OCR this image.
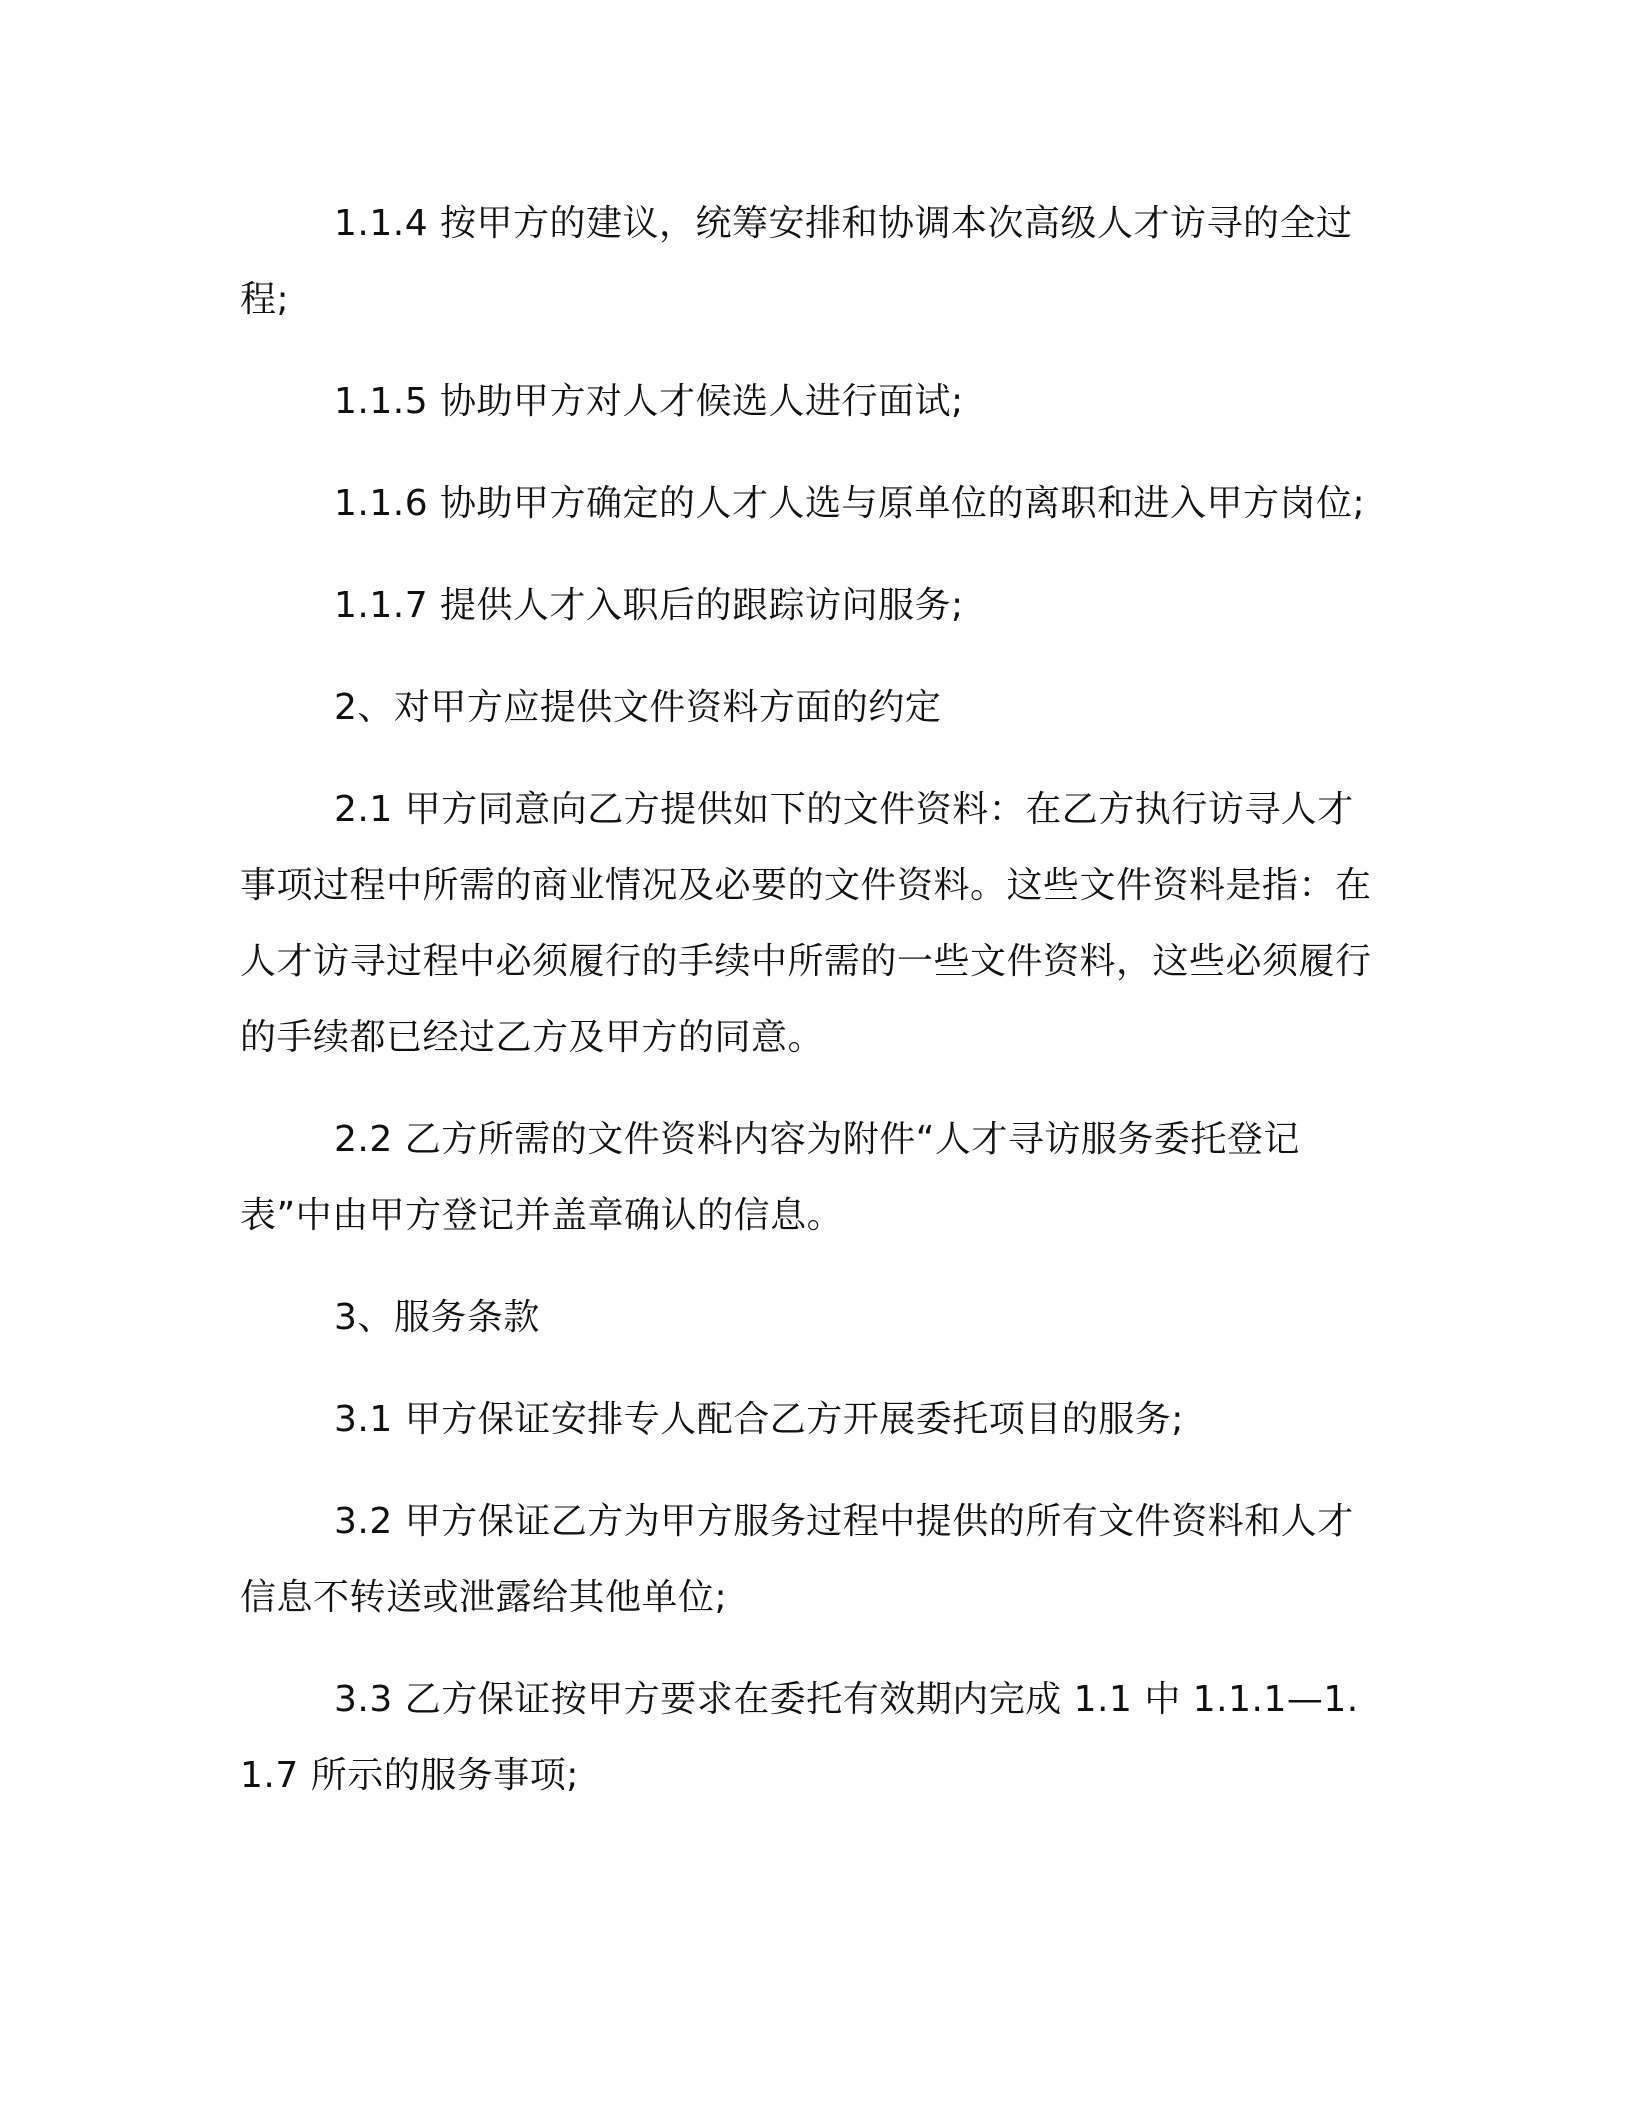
1.1.4 按甲方的建议，统筹安排和协调本次高级人才访寻的全过程;

1.1.5 协助甲方对人才候选人进行面试;

1.1.6 协助甲方确定的人才人选与原单位的离职和进入甲方岗位;

1.1.7 提供人才入职后的跟踪访问服务;

2、对甲方应提供文件资料方面的约定

2.1 甲方同意向乙方提供如下的文件资料：在乙方执行访寻人才事项过程中所需的商业情况及必要的文件资料。这些文件资料是指：在人才访寻过程中必须履行的手续中所需的一些文件资料，这些必须履行的手续都已经过乙方及甲方的同意。

2.2 乙方所需的文件资料内容为附件“人才寻访服务委托登记表”中由甲方登记并盖章确认的信息。

3、服务条款

3.1 甲方保证安排专人配合乙方开展委托项目的服务;

3.2 甲方保证乙方为甲方服务过程中提供的所有文件资料和人才信息不转送或泄露给其他单位;

3.3 乙方保证按甲方要求在委托有效期内完成 1.1 中 1.1.1—1.1.7 所示的服务事项;
